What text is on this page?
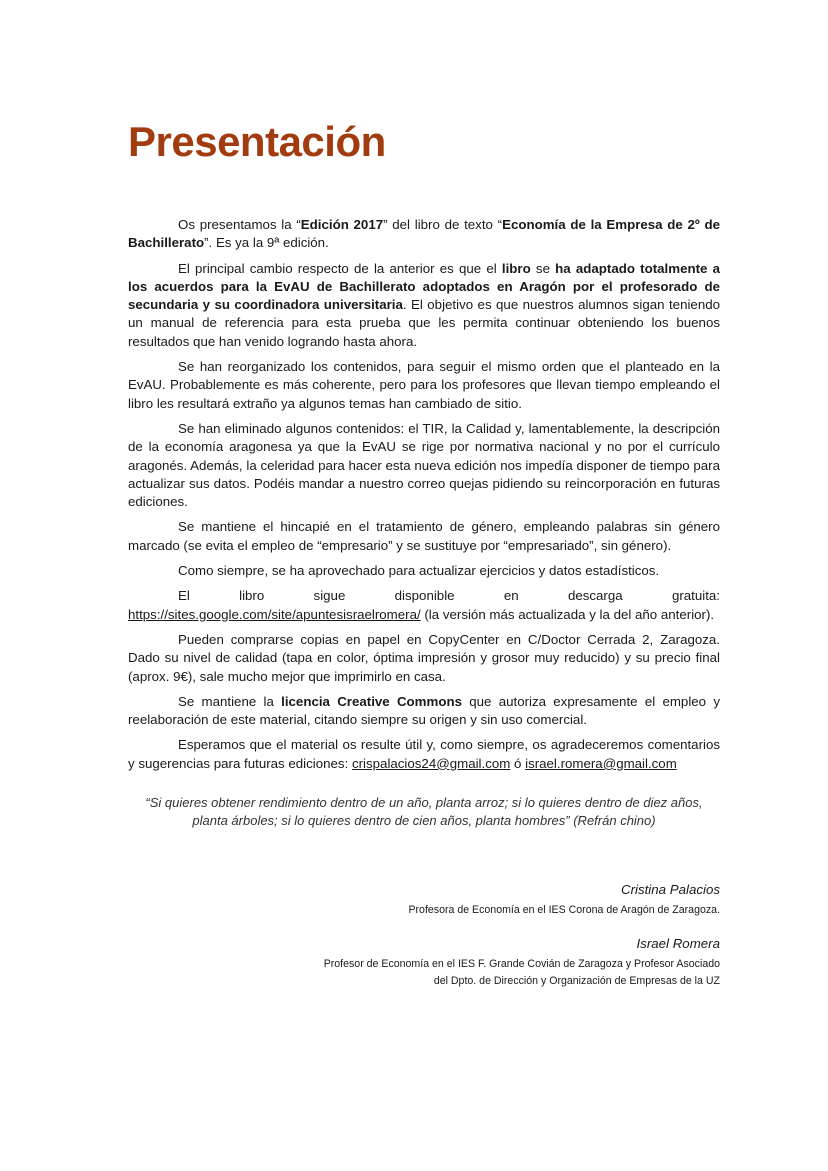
Presentación

Os presentamos la “Edición 2017” del libro de texto “Economía de la Empresa de 2º de Bachillerato”. Es ya la 9ª edición.

El principal cambio respecto de la anterior es que el libro se ha adaptado totalmente a los acuerdos para la EvAU de Bachillerato adoptados en Aragón por el profesorado de secundaria y su coordinadora universitaria. El objetivo es que nuestros alumnos sigan teniendo un manual de referencia para esta prueba que les permita continuar obteniendo los buenos resultados que han venido logrando hasta ahora.

Se han reorganizado los contenidos, para seguir el mismo orden que el planteado en la EvAU. Probablemente es más coherente, pero para los profesores que llevan tiempo empleando el libro les resultará extraño ya algunos temas han cambiado de sitio.

Se han eliminado algunos contenidos: el TIR, la Calidad y, lamentablemente, la descripción de la economía aragonesa ya que la EvAU se rige por normativa nacional y no por el currículo aragonés. Además, la celeridad para hacer esta nueva edición nos impedía disponer de tiempo para actualizar sus datos. Podéis mandar a nuestro correo quejas pidiendo su reincorporación en futuras ediciones.

Se mantiene el hincapié en el tratamiento de género, empleando palabras sin género marcado (se evita el empleo de “empresario” y se sustituye por “empresariado”, sin género).

Como siempre, se ha aprovechado para actualizar ejercicios y datos estadísticos.

El libro sigue disponible en descarga gratuita: https://sites.google.com/site/apuntesisraelromera/ (la versión más actualizada y la del año anterior).

Pueden comprarse copias en papel en CopyCenter en C/Doctor Cerrada 2, Zaragoza. Dado su nivel de calidad (tapa en color, óptima impresión y grosor muy reducido) y su precio final (aprox. 9€), sale mucho mejor que imprimirlo en casa.

Se mantiene la licencia Creative Commons que autoriza expresamente el empleo y reelaboración de este material, citando siempre su origen y sin uso comercial.

Esperamos que el material os resulte útil y, como siempre, os agradeceremos comentarios y sugerencias para futuras ediciones: crispalacios24@gmail.com ó israel.romera@gmail.com

“Si quieres obtener rendimiento dentro de un año, planta arroz; si lo quieres dentro de diez años, planta árboles; si lo quieres dentro de cien años, planta hombres” (Refrán chino)
Cristina Palacios
Profesora de Economía en el IES Corona de Aragón de Zaragoza.
Israel Romera
Profesor de Economía en el IES F. Grande Covián de Zaragoza y Profesor Asociado
del Dpto. de Dirección y Organización de Empresas de la UZ
